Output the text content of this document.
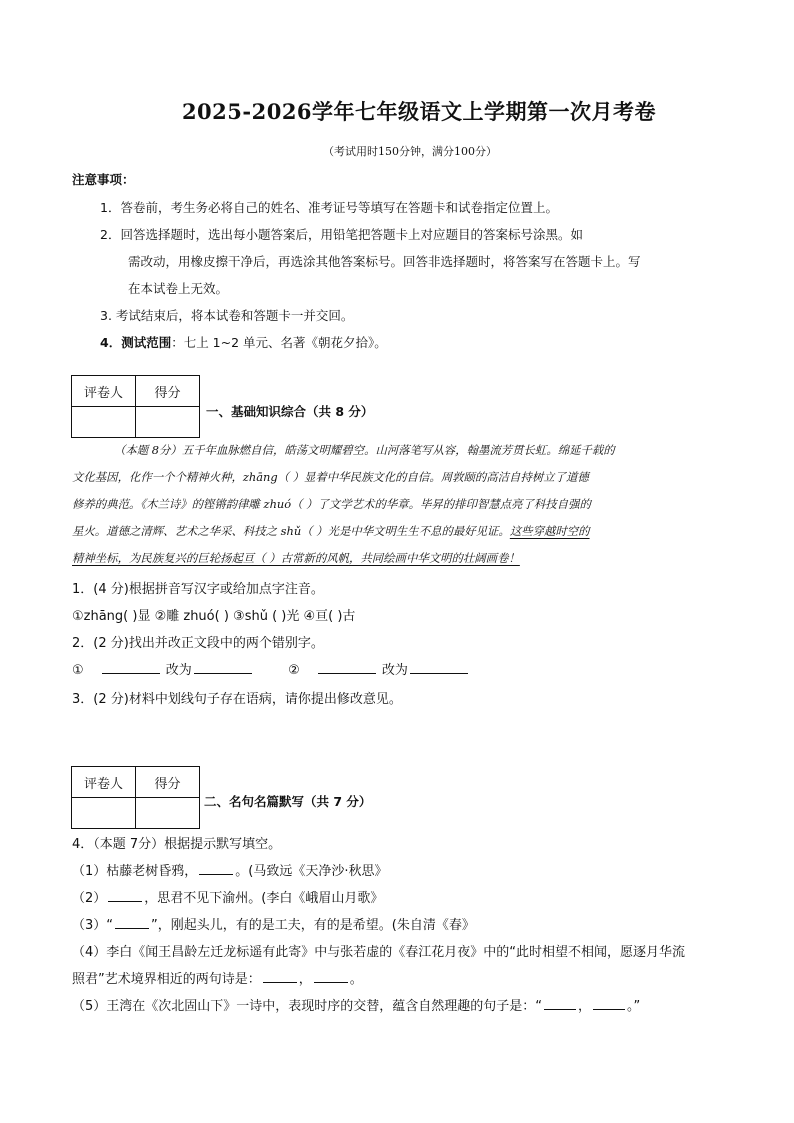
2025-2026学年七年级语文上学期第一次月考卷
（考试用时150分钟，满分100分）
注意事项：
1．答卷前，考生务必将自己的姓名、准考证号等填写在答题卡和试卷指定位置上。
2．回答选择题时，选出每小题答案后，用铅笔把答题卡上对应题目的答案标号涂黑。如
需改动，用橡皮擦干净后，再选涂其他答案标号。回答非选择题时，将答案写在答题卡上。写
在本试卷上无效。
3. 考试结束后，将本试卷和答题卡一并交回。
4．测试范围：七上 1~2 单元、名著《朝花夕拾》。
评卷人	得分

一、基础知识综合（共 8 分）

（本题 8分）五千年血脉燃自信，皓荡文明耀碧空。山河落笔写从容，翰墨流芳贯长虹。绵延千载的

文化基因，化作一个个精神火种，zhāng（ ）显着中华民族文化的自信。周敦颐的高洁自持树立了道德

修养的典范。《木兰诗》的铿锵韵律雕 zhuó（ ）了文学艺术的华章。毕昇的排印智慧点亮了科技自强的

星火。道德之清辉、艺术之华采、科技之 shǔ（ ）光是中华文明生生不息的最好见证。这些穿越时空的

精神坐标，为民族复兴的巨轮扬起亘（ ）古常新的风帆，共同绘画中华文明的壮阔画卷！

1．(4 分)根据拼音写汉字或给加点字注音。
①zhāng( )显 ②雕 zhuó( ) ③shǔ ( )光 ④亘( )古
2．(2 分)找出并改正文段中的两个错别字。
①	改为	②	改为
3．(2 分)材料中划线句子存在语病，请你提出修改意见。
评卷人	得分

二、名句名篇默写（共 7 分）
4．（本题 7分）根据提示默写填空。
（1）枯藤老树昏鸦，	。(马致远《天净沙·秋思》
（2）	，思君不见下渝州。(李白《峨眉山月歌》
（3）“	”，刚起头儿，有的是工夫，有的是希望。(朱自清《春》
（4）李白《闻王昌龄左迁龙标遥有此寄》中与张若虚的《春江花月夜》中的“此时相望不相闻，愿逐月华流
照君”艺术境界相近的两句诗是：	，	。
（5）王湾在《次北固山下》一诗中，表现时序的交替，蕴含自然理趣的句子是：“	，	。”
